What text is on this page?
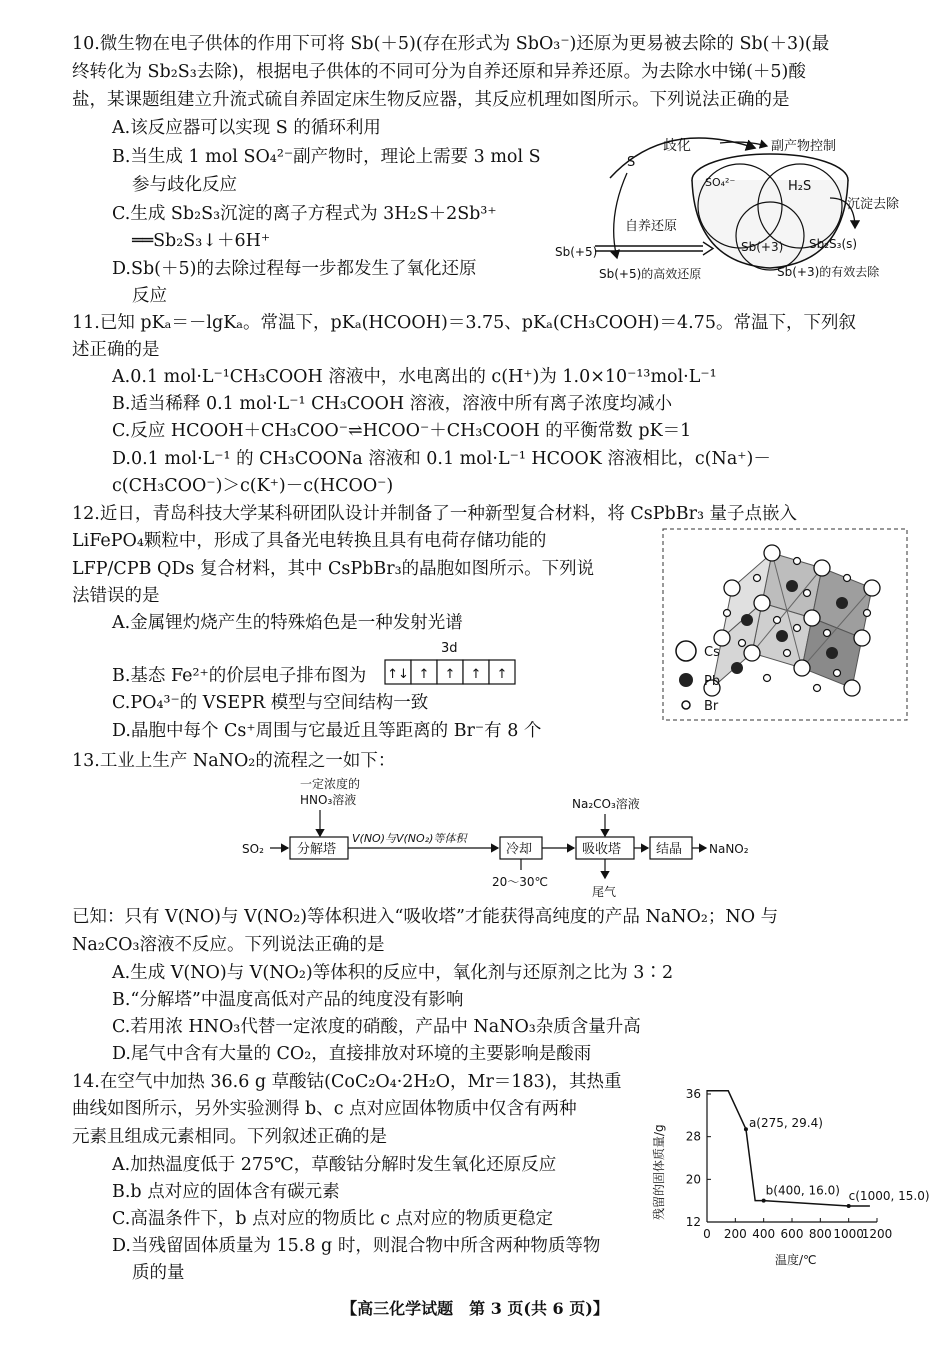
10.微生物在电子供体的作用下可将 Sb(＋5)(存在形式为 SbO₃⁻)还原为更易被去除的 Sb(＋3)(最
终转化为 Sb₂S₃去除)，根据电子供体的不同可分为自养还原和异养还原。为去除水中锑(＋5)酸
盐，某课题组建立升流式硫自养固定床生物反应器，其反应机理如图所示。下列说法正确的是
A.该反应器可以实现 S 的循环利用
B.当生成 1 mol SO₄²⁻副产物时，理论上需要 3 mol S
参与歧化反应
C.生成 Sb₂S₃沉淀的离子方程式为 3H₂S＋2Sb³⁺
══Sb₂S₃↓＋6H⁺
D.Sb(＋5)的去除过程每一步都发生了氧化还原
反应
歧化	副产物控制
S
SO₄²⁻	H₂S
Sb(+3)
沉淀去除
Sb₂S₃(s)
自养还原
Sb(+5)
Sb(+5)的高效还原	Sb(+3)的有效去除
11.已知 pKₐ＝－lgKₐ。常温下，pKₐ(HCOOH)＝3.75、pKₐ(CH₃COOH)＝4.75。常温下，下列叙
述正确的是
A.0.1 mol·L⁻¹CH₃COOH 溶液中，水电离出的 c(H⁺)为 1.0×10⁻¹³mol·L⁻¹
B.适当稀释 0.1 mol·L⁻¹ CH₃COOH 溶液，溶液中所有离子浓度均减小
C.反应 HCOOH＋CH₃COO⁻⇌HCOO⁻＋CH₃COOH 的平衡常数 pK＝1
D.0.1 mol·L⁻¹ 的 CH₃COONa 溶液和 0.1 mol·L⁻¹ HCOOK 溶液相比，c(Na⁺)－
c(CH₃COO⁻)＞c(K⁺)－c(HCOO⁻)
12.近日，青岛科技大学某科研团队设计并制备了一种新型复合材料，将 CsPbBr₃ 量子点嵌入
LiFePO₄颗粒中，形成了具备光电转换且具有电荷存储功能的
LFP/CPB QDs 复合材料，其中 CsPbBr₃的晶胞如图所示。下列说
法错误的是
A.金属锂灼烧产生的特殊焰色是一种发射光谱
B.基态 Fe²⁺的价层电子排布图为
3d
↑↓ ↑ ↑ ↑ ↑
C.PO₄³⁻的 VSEPR 模型与空间结构一致
D.晶胞中每个 Cs⁺周围与它最近且等距离的 Br⁻有 8 个
Cs
Pb
Br
13.工业上生产 NaNO₂的流程之一如下：
一定浓度的
HNO₃溶液
SO₂	分解塔
V(NO)与V(NO₂)等体积
冷却
20～30℃
Na₂CO₃溶液
吸收塔
尾气
结晶 NaNO₂
已知：只有 V(NO)与 V(NO₂)等体积进入“吸收塔”才能获得高纯度的产品 NaNO₂；NO 与
Na₂CO₃溶液不反应。下列说法正确的是
A.生成 V(NO)与 V(NO₂)等体积的反应中，氧化剂与还原剂之比为 3∶2
B.“分解塔”中温度高低对产品的纯度没有影响
C.若用浓 HNO₃代替一定浓度的硝酸，产品中 NaNO₃杂质含量升高
D.尾气中含有大量的 CO₂，直接排放对环境的主要影响是酸雨
14.在空气中加热 36.6 g 草酸钴(CoC₂O₄·2H₂O，Mr＝183)，其热重
曲线如图所示，另外实验测得 b、c 点对应固体物质中仅含有两种
元素且组成元素相同。下列叙述正确的是
A.加热温度低于 275℃，草酸钴分解时发生氧化还原反应
B.b 点对应的固体含有碳元素
C.高温条件下，b 点对应的物质比 c 点对应的物质更稳定
D.当残留固体质量为 15.8 g 时，则混合物中所含两种物质等物
质的量
残留的固体质量/g
温度/℃
0 200 400 600 800 1000
1200
12
20
28
36
a(275, 29.4)
b(400, 16.0) c(1000, 15.0)
【高三化学试题　第 3 页(共 6 页)】
